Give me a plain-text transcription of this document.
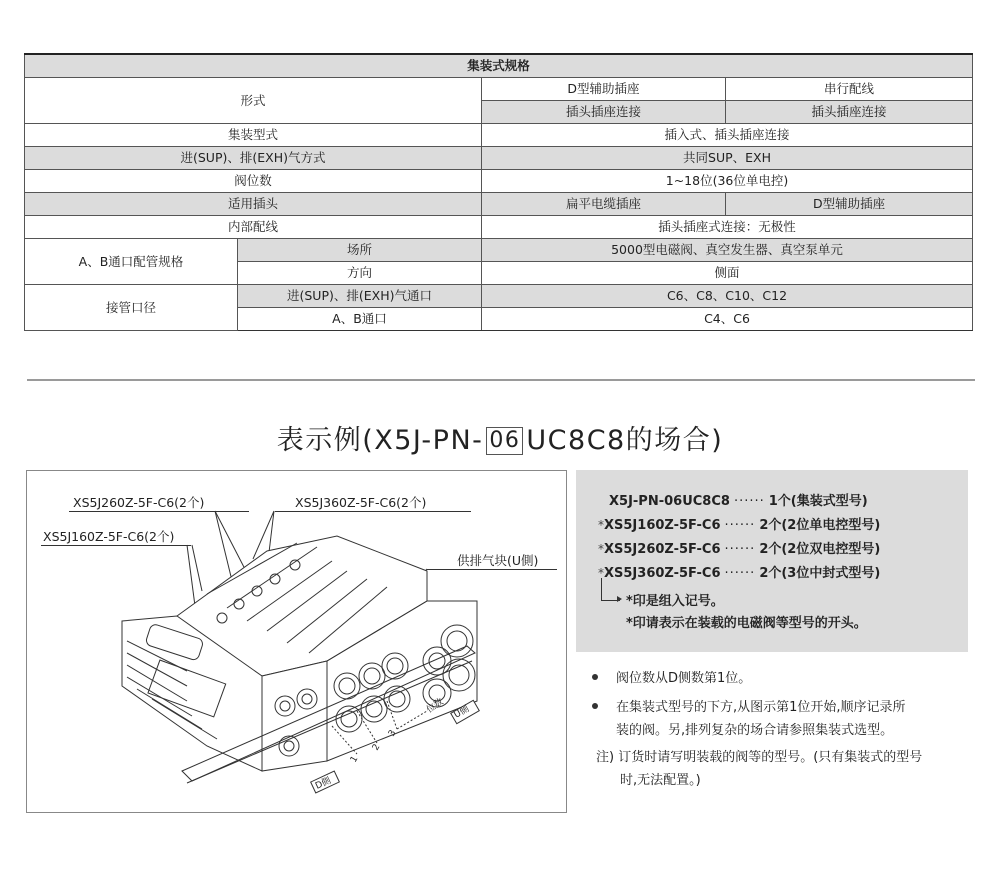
集装式规格			
形式		D型辅助插座	串行配线
		插头插座连接	插头插座连接
集装型式		插入式、插头插座连接	
进(SUP)、排(EXH)气方式		共同SUP、EXH	
阀位数		1~18位(36位单电控)	
适用插头		扁平电缆插座	D型辅助插座
内部配线		插头插座式连接：无极性	
A、B通口配管规格	场所	5000型电磁阀、真空发生器、真空泵单元	
	方向	侧面	
接管口径	进(SUP)、排(EXH)气通口	C6、C8、C10、C12	
	A、B通口	C4、C6	
表示例(X5J-PN- 06 UC8C8的场合)
XS5J260Z-5F-C6(2个)	XS5J360Z-5F-C6(2个)
XS5J160Z-5F-C6(2个)
供排气块(U側)
1
2
3
位数
D側
U側
X5J-PN-06UC8C8 ······ 1个(集装式型号)
*XS5J160Z-5F-C6 ······ 2个(2位单电控型号)
*XS5J260Z-5F-C6 ······ 2个(2位双电控型号)
*XS5J360Z-5F-C6 ······ 2个(3位中封式型号)
*印是组入记号。
*印请表示在装载的电磁阀等型号的开头。
阀位数从D侧数第1位。
在集装式型号的下方,从图示第1位开始,顺序记录所
装的阀。另,排列复杂的场合请参照集装式选型。
注) 订货时请写明装载的阀等的型号。(只有集装式的型号
时,无法配置。)
